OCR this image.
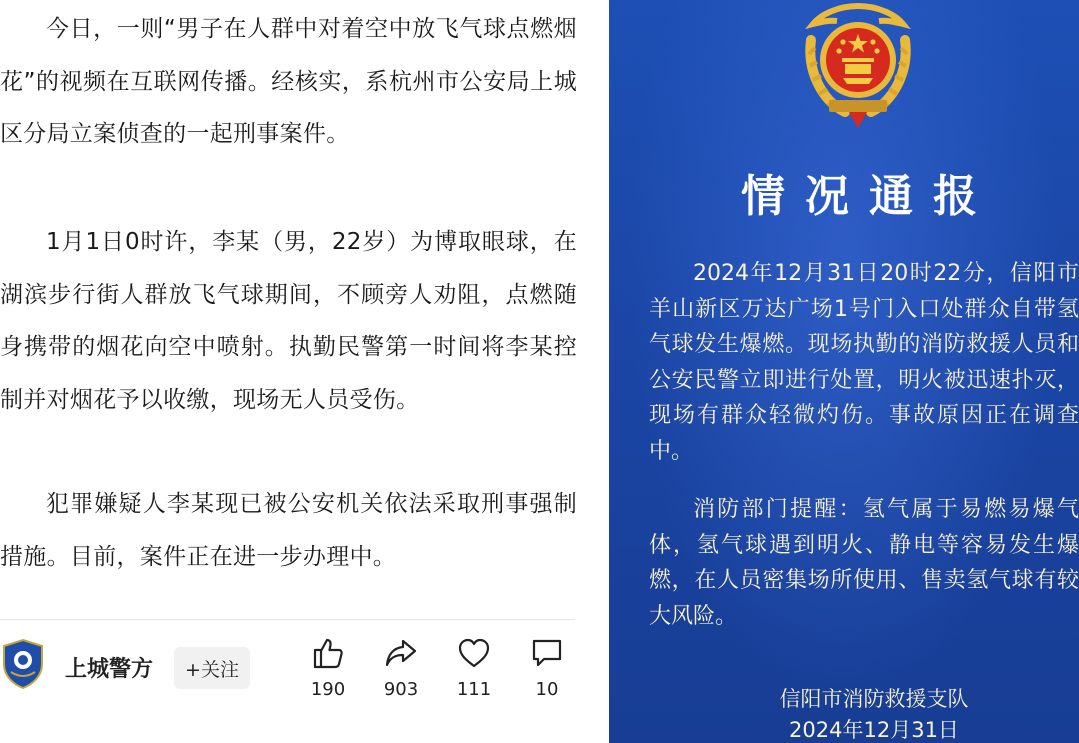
今日，一则“男子在人群中对着空中放飞气球点燃烟花”的视频在互联网传播。经核实，系杭州市公安局上城区分局立案侦查的一起刑事案件。

1月1日0时许，李某（男，22岁）为博取眼球，在湖滨步行街人群放飞气球期间，不顾旁人劝阻，点燃随身携带的烟花向空中喷射。执勤民警第一时间将李某控制并对烟花予以收缴，现场无人员受伤。

犯罪嫌疑人李某现已被公安机关依法采取刑事强制措施。目前，案件正在进一步办理中。

上城警方	+关注
190	903	111	10
情况通报

2024年12月31日20时22分，信阳市羊山新区万达广场1号门入口处群众自带氢气球发生爆燃。现场执勤的消防救援人员和公安民警立即进行处置，明火被迅速扑灭，现场有群众轻微灼伤。事故原因正在调查中。

消防部门提醒：氢气属于易燃易爆气体，氢气球遇到明火、静电等容易发生爆燃，在人员密集场所使用、售卖氢气球有较大风险。

信阳市消防救援支队
2024年12月31日
